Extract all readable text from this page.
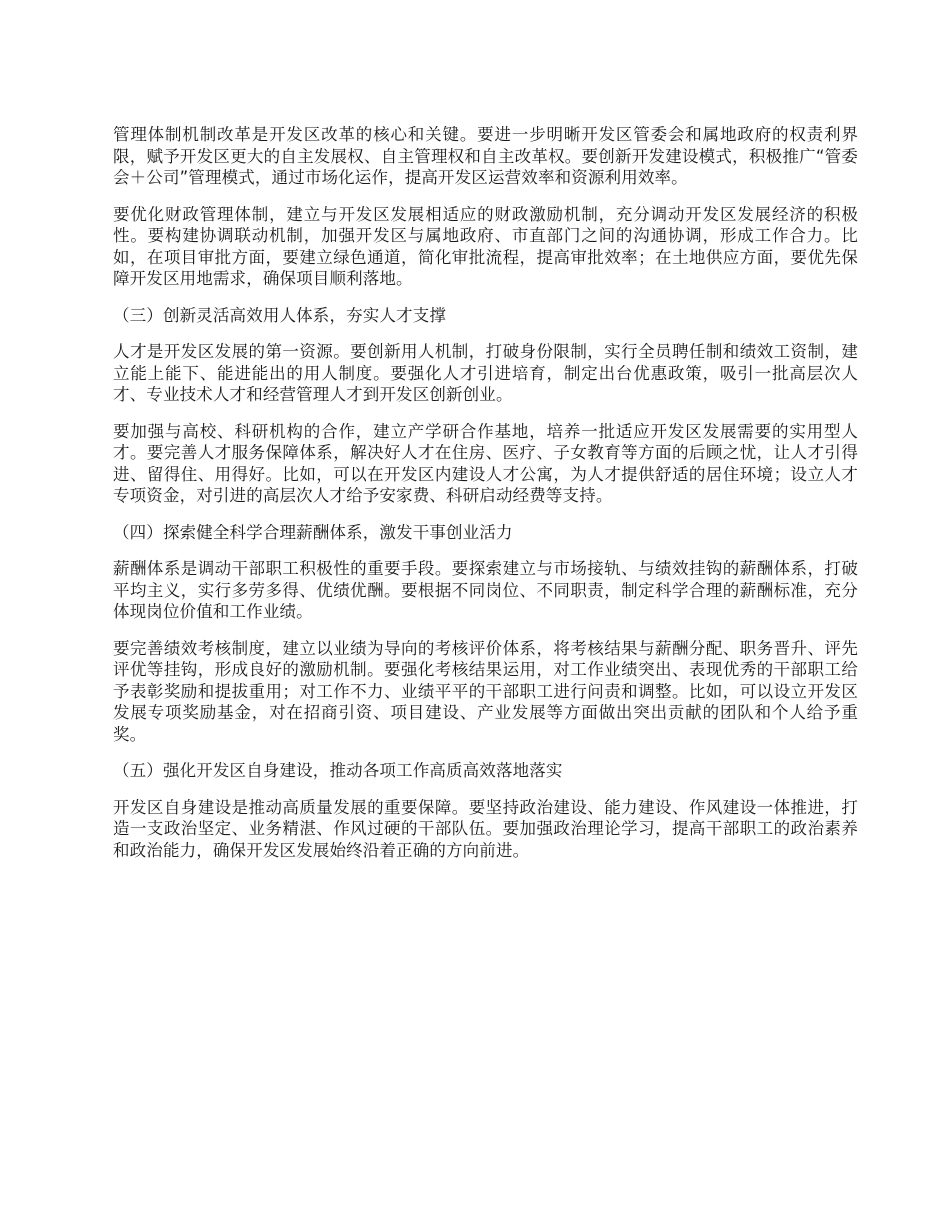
管理体制机制改革是开发区改革的核心和关键。要进一步明晰开发区管委会和属地政府的权责利界限，赋予开发区更大的自主发展权、自主管理权和自主改革权。要创新开发建设模式，积极推广“管委会＋公司”管理模式，通过市场化运作，提高开发区运营效率和资源利用效率。

要优化财政管理体制，建立与开发区发展相适应的财政激励机制，充分调动开发区发展经济的积极性。要构建协调联动机制，加强开发区与属地政府、市直部门之间的沟通协调，形成工作合力。比如，在项目审批方面，要建立绿色通道，简化审批流程，提高审批效率；在土地供应方面，要优先保障开发区用地需求，确保项目顺利落地。

（三）创新灵活高效用人体系，夯实人才支撑

人才是开发区发展的第一资源。要创新用人机制，打破身份限制，实行全员聘任制和绩效工资制，建立能上能下、能进能出的用人制度。要强化人才引进培育，制定出台优惠政策，吸引一批高层次人才、专业技术人才和经营管理人才到开发区创新创业。

要加强与高校、科研机构的合作，建立产学研合作基地，培养一批适应开发区发展需要的实用型人才。要完善人才服务保障体系，解决好人才在住房、医疗、子女教育等方面的后顾之忧，让人才引得进、留得住、用得好。比如，可以在开发区内建设人才公寓，为人才提供舒适的居住环境；设立人才专项资金，对引进的高层次人才给予安家费、科研启动经费等支持。

（四）探索健全科学合理薪酬体系，激发干事创业活力

薪酬体系是调动干部职工积极性的重要手段。要探索建立与市场接轨、与绩效挂钩的薪酬体系，打破平均主义，实行多劳多得、优绩优酬。要根据不同岗位、不同职责，制定科学合理的薪酬标准，充分体现岗位价值和工作业绩。

要完善绩效考核制度，建立以业绩为导向的考核评价体系，将考核结果与薪酬分配、职务晋升、评先评优等挂钩，形成良好的激励机制。要强化考核结果运用，对工作业绩突出、表现优秀的干部职工给予表彰奖励和提拔重用；对工作不力、业绩平平的干部职工进行问责和调整。比如，可以设立开发区发展专项奖励基金，对在招商引资、项目建设、产业发展等方面做出突出贡献的团队和个人给予重奖。

（五）强化开发区自身建设，推动各项工作高质高效落地落实

开发区自身建设是推动高质量发展的重要保障。要坚持政治建设、能力建设、作风建设一体推进，打造一支政治坚定、业务精湛、作风过硬的干部队伍。要加强政治理论学习，提高干部职工的政治素养和政治能力，确保开发区发展始终沿着正确的方向前进。
